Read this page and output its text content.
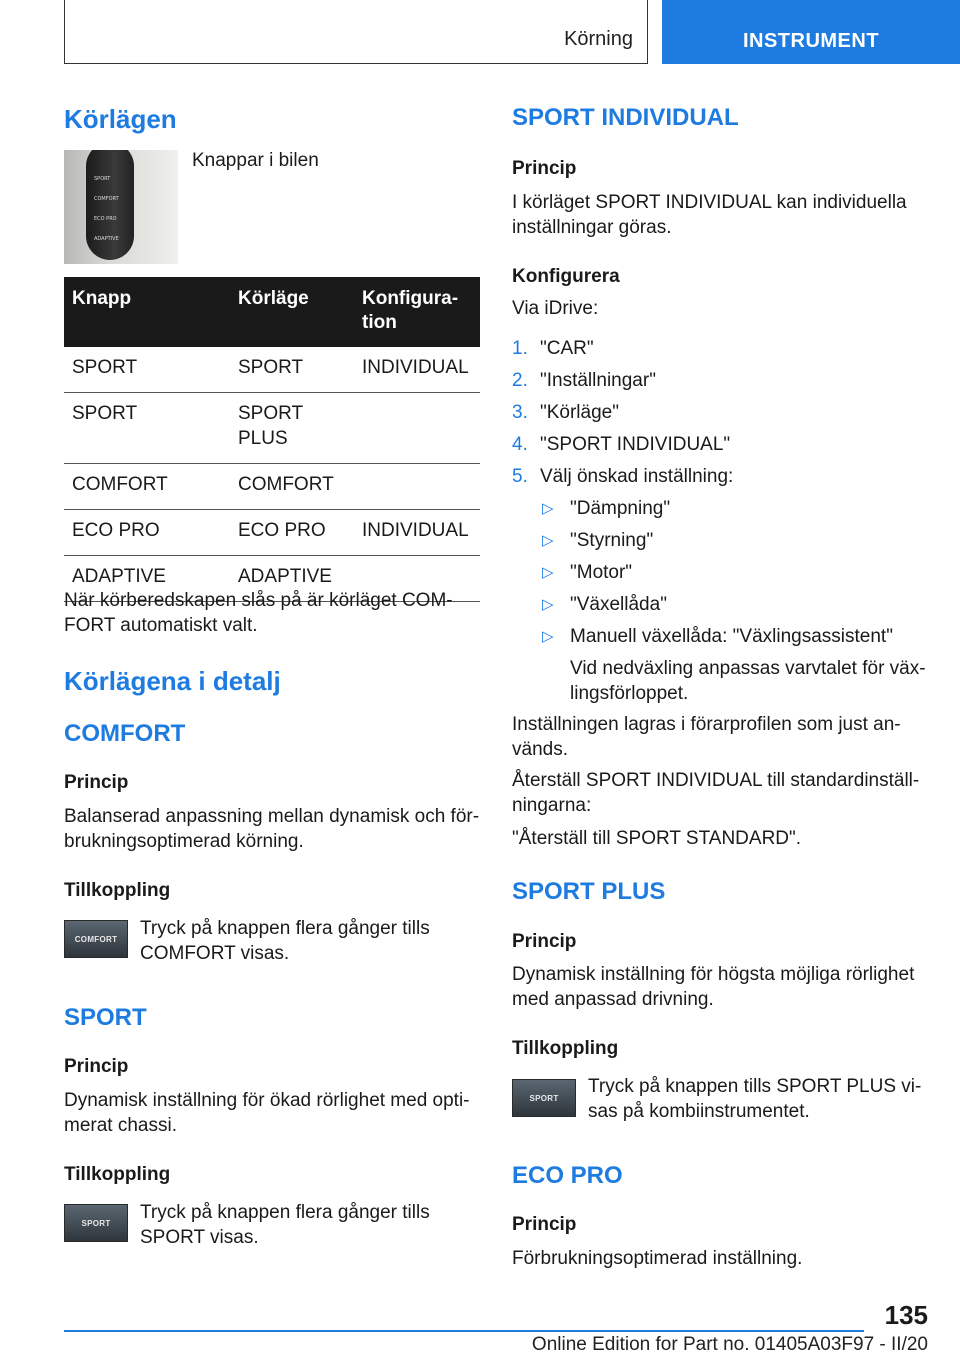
Körning	INSTRUMENT
Körlägen
SPORT
COMFORT
ECO PRO
ADAPTIVE
Knappar i bilen
Knapp	Körläge	Konfigura-
tion
SPORT	SPORT	INDIVIDUAL
SPORT	SPORT
PLUS	
COMFORT	COMFORT	
ECO PRO	ECO PRO	INDIVIDUAL
ADAPTIVE	ADAPTIVE	
När körberedskapen slås på är körläget COM-
FORT automatiskt valt.
Körlägena i detalj
COMFORT
Princip
Balanserad anpassning mellan dynamisk och för-
brukningsoptimerad körning.
Tillkoppling
COMFORT	Tryck på knappen flera gånger tills
COMFORT visas.
SPORT
Princip
Dynamisk inställning för ökad rörlighet med opti-
merat chassi.
Tillkoppling
SPORT	Tryck på knappen flera gånger tills
SPORT visas.
SPORT INDIVIDUAL
Princip
I körläget SPORT INDIVIDUAL kan individuella
inställningar göras.
Konfigurera
Via iDrive:
1. "CAR"
2. "Inställningar"
3. "Körläge"
4. "SPORT INDIVIDUAL"
5. Välj önskad inställning:
▷ "Dämpning"
▷ "Styrning"
▷ "Motor"
▷ "Växellåda"
▷ Manuell växellåda: "Växlingsassistent"
Vid nedväxling anpassas varvtalet för väx-
lingsförloppet.
Inställningen lagras i förarprofilen som just an-
vänds.
Återställ SPORT INDIVIDUAL till standardinställ-
ningarna:
"Återställ till SPORT STANDARD".
SPORT PLUS
Princip
Dynamisk inställning för högsta möjliga rörlighet
med anpassad drivning.
Tillkoppling
SPORT
Tryck på knappen tills SPORT PLUS vi-
sas på kombiinstrumentet.
ECO PRO
Princip
Förbrukningsoptimerad inställning.
135
Online Edition for Part no. 01405A03F97 - II/20
